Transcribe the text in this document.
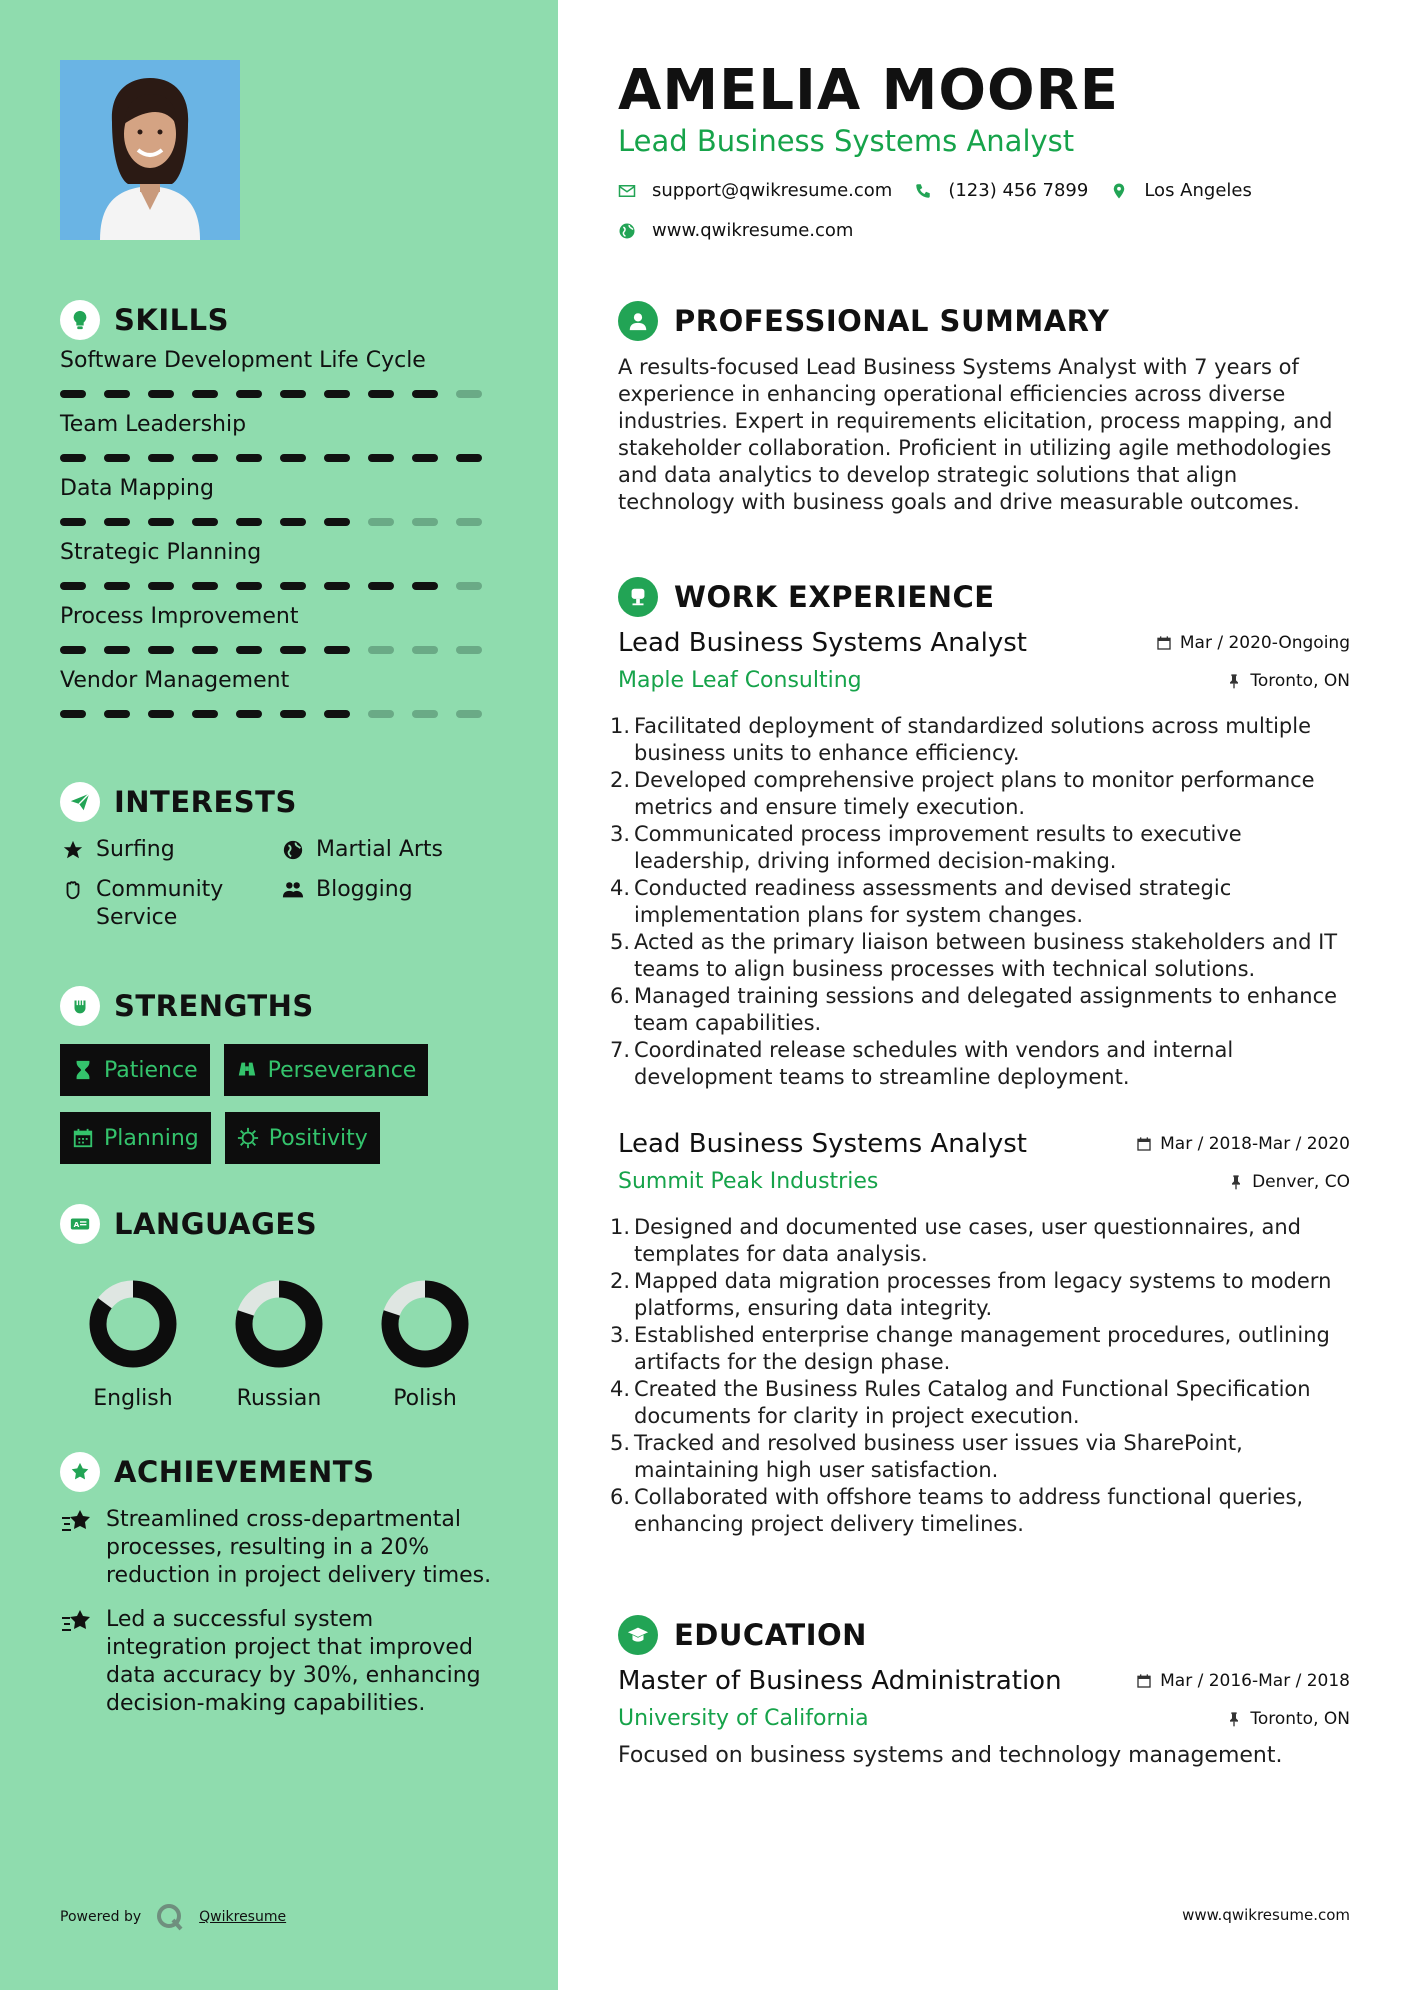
SKILLS
Software Development Life Cycle
Team Leadership
Data Mapping
Strategic Planning
Process Improvement
Vendor Management
INTERESTS
Surfing	Martial Arts
Community Service
Blogging
STRENGTHS
Patience	Perseverance
Planning	Positivity
A LANGUAGES
English	Russian	Polish
ACHIEVEMENTS
Streamlined cross-departmental processes, resulting in a 20% reduction in project delivery times.
Led a successful system integration project that improved data accuracy by 30%, enhancing decision-making capabilities.
Powered by	Qwikresume
AMELIA MOORE
Lead Business Systems Analyst
support@qwikresume.com	(123) 456 7899	Los Angeles
www.qwikresume.com
PROFESSIONAL SUMMARY
A results-focused Lead Business Systems Analyst with 7 years of experience in enhancing operational efficiencies across diverse industries. Expert in requirements elicitation, process mapping, and stakeholder collaboration. Proficient in utilizing agile methodologies and data analytics to develop strategic solutions that align technology with business goals and drive measurable outcomes.
WORK EXPERIENCE
Lead Business Systems Analyst	Mar / 2020-Ongoing
Maple Leaf Consulting	Toronto, ON
1. Facilitated deployment of standardized solutions across multiple business units to enhance efficiency.
2. Developed comprehensive project plans to monitor performance metrics and ensure timely execution.
3. Communicated process improvement results to executive leadership, driving informed decision-making.
4. Conducted readiness assessments and devised strategic implementation plans for system changes.
5. Acted as the primary liaison between business stakeholders and IT teams to align business processes with technical solutions.
6. Managed training sessions and delegated assignments to enhance team capabilities.
7. Coordinated release schedules with vendors and internal development teams to streamline deployment.
Lead Business Systems Analyst	Mar / 2018-Mar / 2020
Summit Peak Industries	Denver, CO
1. Designed and documented use cases, user questionnaires, and templates for data analysis.
2. Mapped data migration processes from legacy systems to modern platforms, ensuring data integrity.
3. Established enterprise change management procedures, outlining artifacts for the design phase.
4. Created the Business Rules Catalog and Functional Specification documents for clarity in project execution.
5. Tracked and resolved business user issues via SharePoint, maintaining high user satisfaction.
6. Collaborated with offshore teams to address functional queries, enhancing project delivery timelines.
EDUCATION
Master of Business Administration	Mar / 2016-Mar / 2018
University of California	Toronto, ON
Focused on business systems and technology management.
www.qwikresume.com
